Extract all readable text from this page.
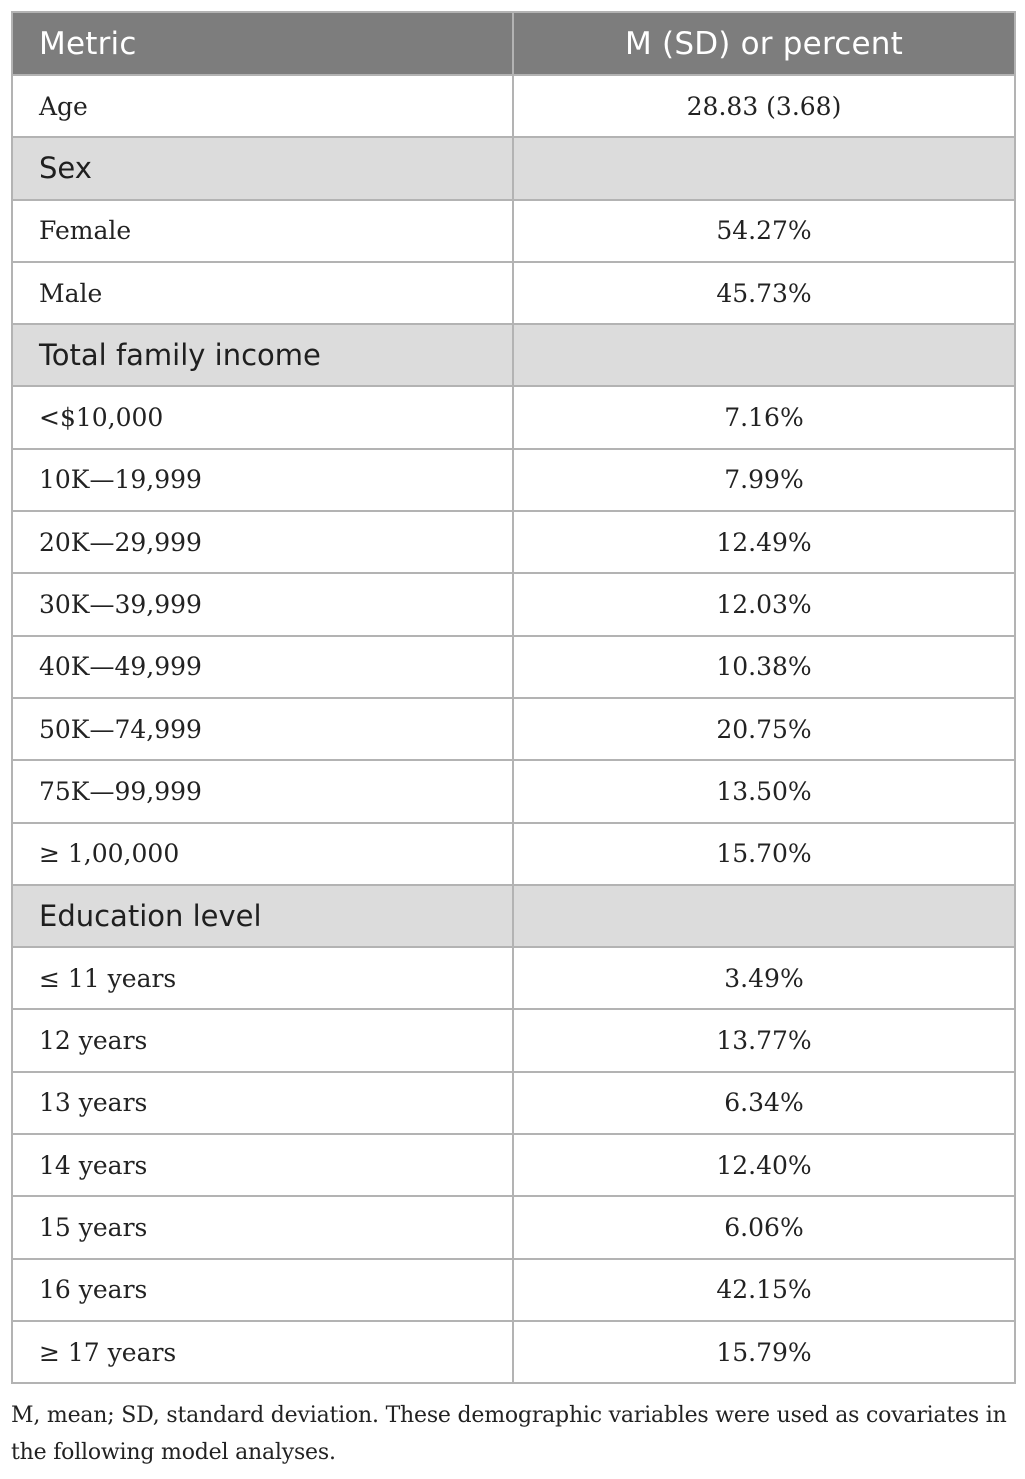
Metric	M (SD) or percent
Age	28.83 (3.68)
Sex	
Female	54.27%
Male	45.73%
Total family income	
<$10,000	7.16%
10K—19,999	7.99%
20K—29,999	12.49%
30K—39,999	12.03%
40K—49,999	10.38%
50K—74,999	20.75%
75K—99,999	13.50%
≥ 1,00,000	15.70%
Education level	
≤ 11 years	3.49%
12 years	13.77%
13 years	6.34%
14 years	12.40%
15 years	6.06%
16 years	42.15%
≥ 17 years	15.79%
M, mean; SD, standard deviation. These demographic variables were used as covariates in the following model analyses.
